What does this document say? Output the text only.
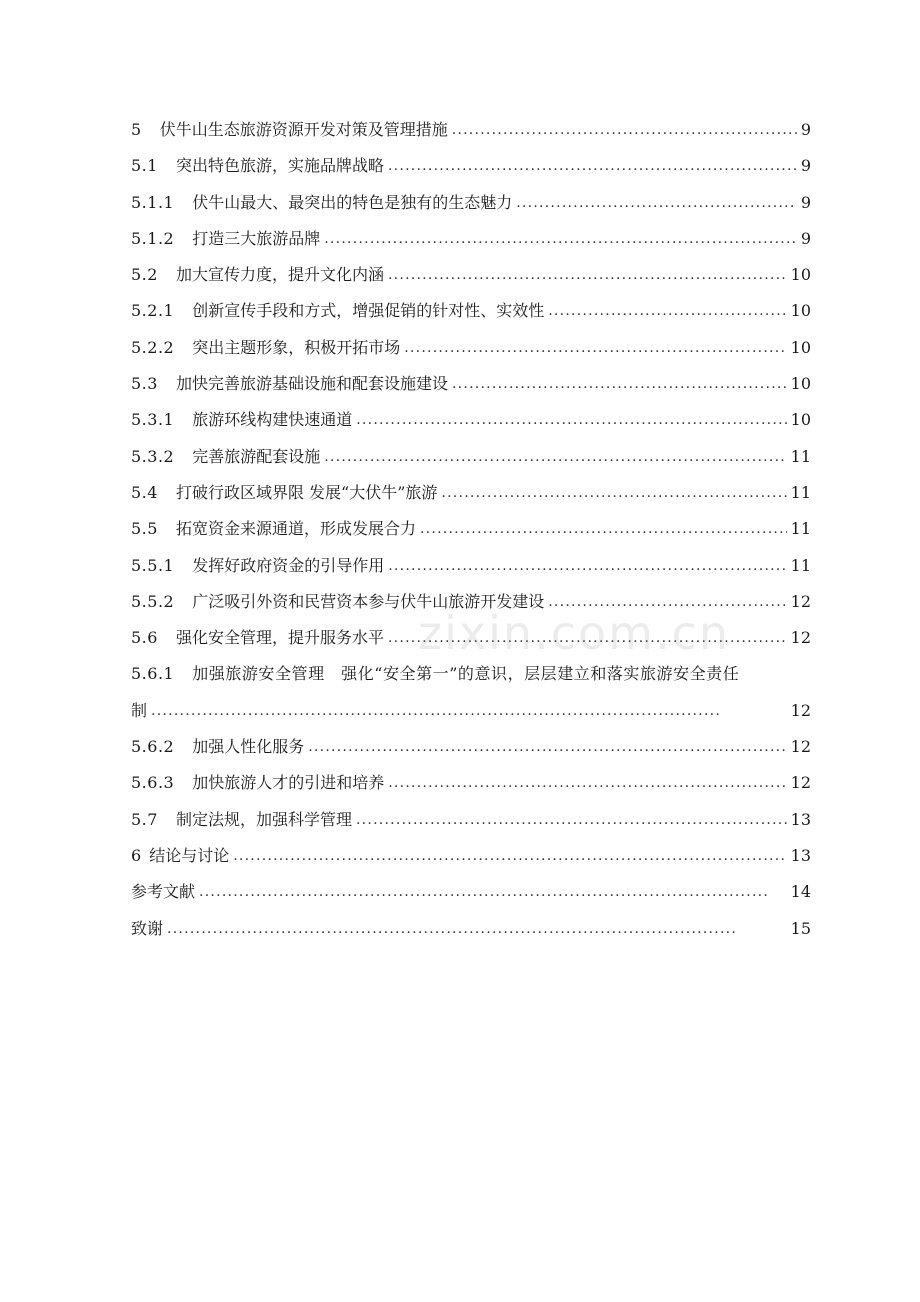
5 伏牛山生态旅游资源开发对策及管理措施 . . .	9
5.1 突出特色旅游，实施品牌战略 . . .	9
5.1.1 伏牛山最大、最突出的特色是独有的生态魅力 . . .	9
5.1.2 打造三大旅游品牌 . . .	9
5.2 加大宣传力度，提升文化内涵 . . .	10
5.2.1 创新宣传手段和方式，增强促销的针对性、实效性 . . .	10
5.2.2 突出主题形象，积极开拓市场 . . .	10
5.3 加快完善旅游基础设施和配套设施建设 . . .	10
5.3.1 旅游环线构建快速通道 . . .	10
5.3.2 完善旅游配套设施 . . .	11
5.4 打破行政区域界限 发展“大伏牛”旅游 . . .	11
5.5 拓宽资金来源通道，形成发展合力 . . .	11
5.5.1 发挥好政府资金的引导作用 . . .	11
5.5.2 广泛吸引外资和民营资本参与伏牛山旅游开发建设 . . .	12
5.6 强化安全管理，提升服务水平 . . .	12
5.6.1 加强旅游安全管理　强化“安全第一”的意识，层层建立和落实旅游安全责任
制 . . .	12
5.6.2 加强人性化服务 . . .	12
5.6.3 加快旅游人才的引进和培养 . . .	12
5.7 制定法规，加强科学管理 . . .	13
6 结论与讨论 . . .	13
参考文献 . . .	14
致谢 . . .	15
zixin.com.cn
